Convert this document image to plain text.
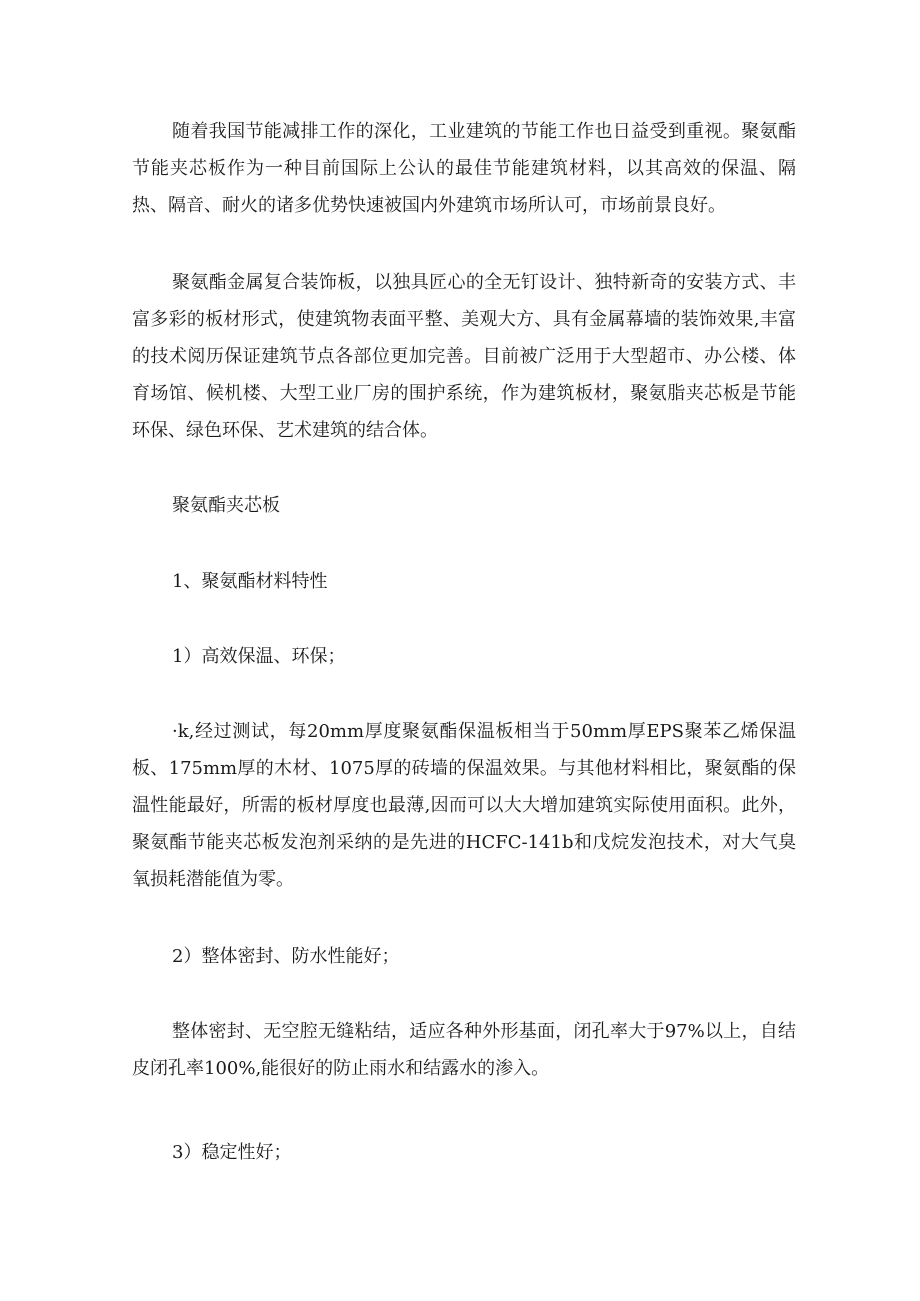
随着我国节能减排工作的深化，工业建筑的节能工作也日益受到重视。聚氨酯节能夹芯板作为一种目前国际上公认的最佳节能建筑材料，以其高效的保温、隔热、隔音、耐火的诸多优势快速被国内外建筑市场所认可，市场前景良好。

聚氨酯金属复合装饰板，以独具匠心的全无钉设计、独特新奇的安装方式、丰富多彩的板材形式，使建筑物表面平整、美观大方、具有金属幕墙的装饰效果,丰富的技术阅历保证建筑节点各部位更加完善。目前被广泛用于大型超市、办公楼、体育场馆、候机楼、大型工业厂房的围护系统，作为建筑板材，聚氨脂夹芯板是节能环保、绿色环保、艺术建筑的结合体。

聚氨酯夹芯板

1、聚氨酯材料特性

1）高效保温、环保；

·k,经过测试，每20mm厚度聚氨酯保温板相当于50mm厚EPS聚苯乙烯保温板、175mm厚的木材、1075厚的砖墙的保温效果。与其他材料相比，聚氨酯的保温性能最好，所需的板材厚度也最薄,因而可以大大增加建筑实际使用面积。此外，聚氨酯节能夹芯板发泡剂采纳的是先进的HCFC-141b和戊烷发泡技术，对大气臭氧损耗潜能值为零。

2）整体密封、防水性能好；

整体密封、无空腔无缝粘结，适应各种外形基面，闭孔率大于97%以上，自结皮闭孔率100%,能很好的防止雨水和结露水的渗入。

3）稳定性好；
